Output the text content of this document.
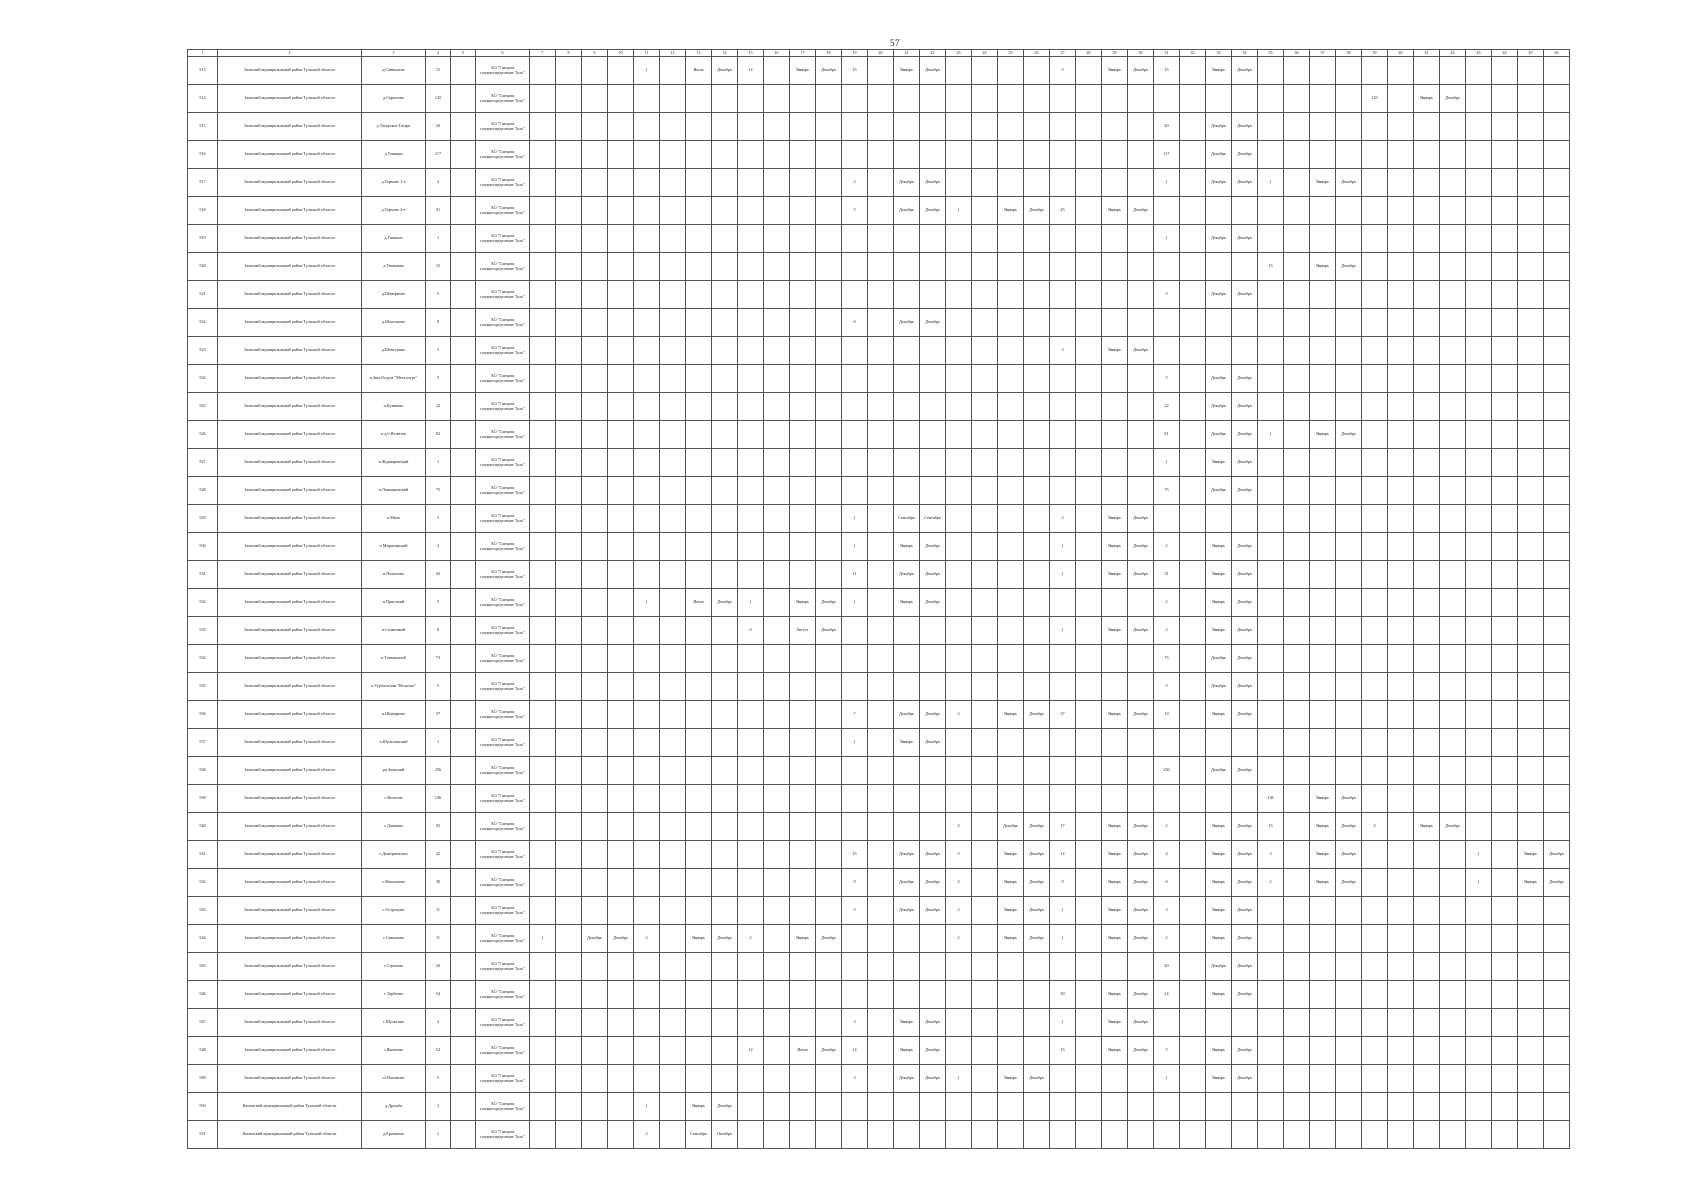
57
1	2	3	4	5	6	7	8	9	10	11	12	13	14	15	16	17	18	19	20	21	22	23	24	25	26	27	28	29	30	31	32	33	34	35	36	37	38	39	40	41	42	43	44	45	46
513	Заокский муниципальный район Тульской области	д.Савинские	15		АО "Газпром газораспределение Тула"					1		Июль	Декабрь	14		Январь	Декабрь	15		Январь	Декабрь					5		Январь	Декабрь	15		Январь	Декабрь												
514	Заокский муниципальный район Тульской области	д.Скрипово	125		АО "Газпром газораспределение Тула"																																	125		Январь	Декабрь				
515	Заокский муниципальный район Тульской области	д.Татарское Татарь	20		АО "Газпром газораспределение Тула"																									20		Декабрь	Декабрь												
516	Заокский муниципальный район Тульской области	д.Темьянь	117		АО "Газпром газораспределение Тула"																									117		Декабрь	Декабрь												
517	Заокский муниципальный район Тульской области	д.Торхово 1-е	4		АО "Газпром газораспределение Тула"													2		Декабрь	Декабрь									1		Декабрь	Декабрь	1		Январь	Декабрь								
518	Заокский муниципальный район Тульской области	д.Торхово 2-е	31		АО "Газпром газораспределение Тула"													5		Декабрь	Декабрь	1		Январь	Декабрь	25		Январь	Декабрь																
519	Заокский муниципальный район Тульской области	д.Тяпкино	1		АО "Газпром газораспределение Тула"																									1		Декабрь	Декабрь												
520	Заокский муниципальный район Тульской области	д.Ушаковка	15		АО "Газпром газораспределение Тула"																													15		Январь	Декабрь								
521	Заокский муниципальный район Тульской области	д.Шевернево	5		АО "Газпром газораспределение Тула"																									5		Декабрь	Декабрь												
522	Заокский муниципальный район Тульской области	д.Шепотково	6		АО "Газпром газораспределение Тула"													6		Декабрь	Декабрь																								
523	Заокский муниципальный район Тульской области	д.Шевстрино	3		АО "Газпром газораспределение Тула"																					3		Январь	Декабрь																
524	Заокский муниципальный район Тульской области	п.Зин.Отдела "Металлург"	5		АО "Газпром газораспределение Тула"																									5		Декабрь	Декабрь												
525	Заокский муниципальный район Тульской области	п.Бутиково	22		АО "Газпром газораспределение Тула"																									22		Декабрь	Декабрь												
526	Заокский муниципальный район Тульской области	п.д/о Велегож	82		АО "Газпром газораспределение Тула"																									81		Декабрь	Декабрь	1		Январь	Декабрь								
527	Заокский муниципальный район Тульской области	п.Жданаровский	1		АО "Газпром газораспределение Тула"																									1		Январь	Декабрь												
528	Заокский муниципальный район Тульской области	п.Ломинцевский	75		АО "Газпром газораспределение Тула"																									75		Декабрь	Декабрь												
529	Заокский муниципальный район Тульской области	п.Миль	3		АО "Газпром газораспределение Тула"													1		Сентябрь	Сентябрь					2		Январь	Декабрь																
530	Заокский муниципальный район Тульской области	п.Миротинский	4		АО "Газпром газораспределение Тула"													1		Январь	Декабрь					1		Январь	Декабрь	2		Январь	Декабрь												
531	Заокский муниципальный район Тульской области	п.Пахомово	43		АО "Газпром газораспределение Тула"													11		Декабрь	Декабрь					1		Январь	Декабрь	31		Январь	Декабрь												
532	Заокский муниципальный район Тульской области	п.Пригожий	5		АО "Газпром газораспределение Тула"					1		Июнь	Декабрь	1		Январь	Декабрь	1		Январь	Декабрь									2		Январь	Декабрь												
533	Заокский муниципальный район Тульской области	п.Солнечный	9		АО "Газпром газораспределение Тула"									6		Август	Декабрь									1		Январь	Декабрь	2		Январь	Декабрь												
534	Заокский муниципальный район Тульской области	п.Темьянский	73		АО "Газпром газораспределение Тула"																									73		Декабрь	Декабрь												
535	Заокский муниципальный район Тульской области	п.Турбаза/пан."Велегож"	5		АО "Газпром газораспределение Тула"																									5		Декабрь	Декабрь												
536	Заокский муниципальный район Тульской области	п.Шевернево	57		АО "Газпром газораспределение Тула"													7		Декабрь	Декабрь	3		Январь	Декабрь	37		Январь	Декабрь	10		Январь	Декабрь												
537	Заокский муниципальный район Тульской области	п.Шульгинский	1		АО "Газпром газораспределение Тула"													1		Январь	Декабрь																								
538	Заокский муниципальный район Тульской области	рп.Заокский	256		АО "Газпром газораспределение Тула"																									256		Декабрь	Декабрь												
539	Заокский муниципальный район Тульской области	с.Велегож	136		АО "Газпром газораспределение Тула"																													136		Январь	Декабрь								
540	Заокский муниципальный район Тульской области	с.Дашково	55		АО "Газпром газораспределение Тула"																	4		Декабрь	Декабрь	17		Январь	Декабрь	2		Январь	Декабрь	15		Январь	Декабрь	4		Январь	Декабрь				
541	Заокский муниципальный район Тульской области	с.Дмитриевское	42		АО "Газпром газораспределение Тула"													15		Декабрь	Декабрь	5		Январь	Декабрь	14		Январь	Декабрь	4		Январь	Декабрь	3		Январь	Декабрь					1		Январь	Декабрь
542	Заокский муниципальный район Тульской области	с.Михалково	30		АО "Газпром газораспределение Тула"													9		Декабрь	Декабрь	4		Январь	Декабрь	9		Январь	Декабрь	6		Январь	Декабрь	2		Январь	Декабрь					1		Январь	Декабрь
543	Заокский муниципальный район Тульской области	с.Острецово	11		АО "Газпром газораспределение Тула"													5		Декабрь	Декабрь	2		Январь	Декабрь	1		Январь	Декабрь	3		Январь	Декабрь												
544	Заокский муниципальный район Тульской области	с.Симоново	11		АО "Газпром газораспределение Тула"	1		Декабрь	Декабрь	3		Январь	Декабрь	2		Январь	Декабрь					2		Январь	Декабрь	1		Январь	Декабрь	2		Январь	Декабрь												
545	Заокский муниципальный район Тульской области	с.Страхово	20		АО "Газпром газораспределение Тула"																									20		Декабрь	Декабрь												
546	Заокский муниципальный район Тульской области	с.Тарбеево	54		АО "Газпром газораспределение Тула"																					30		Январь	Декабрь	24		Январь	Декабрь												
547	Заокский муниципальный район Тульской области	с.Шульгино	4		АО "Газпром газораспределение Тула"													3		Январь	Декабрь					1		Январь	Декабрь																
548	Заокский муниципальный район Тульской области	с.Яковлево	52		АО "Газпром газораспределение Тула"									12		Июнь	Декабрь	14		Январь	Декабрь					15		Январь	Декабрь	5		Январь	Декабрь												
549	Заокский муниципальный район Тульской области	ст.Пахомово	5		АО "Газпром газораспределение Тула"													3		Декабрь	Декабрь	1		Январь	Декабрь					1		Январь	Декабрь												
550	Каменский муниципальный район Тульской области	д.Дружба	1		АО "Газпром газораспределение Тула"					1		Январь	Декабрь																																
551	Каменский муниципальный район Тульской области	д.Еропкино	2		АО "Газпром газораспределение Тула"					2		Сентябрь	Октябрь																																
